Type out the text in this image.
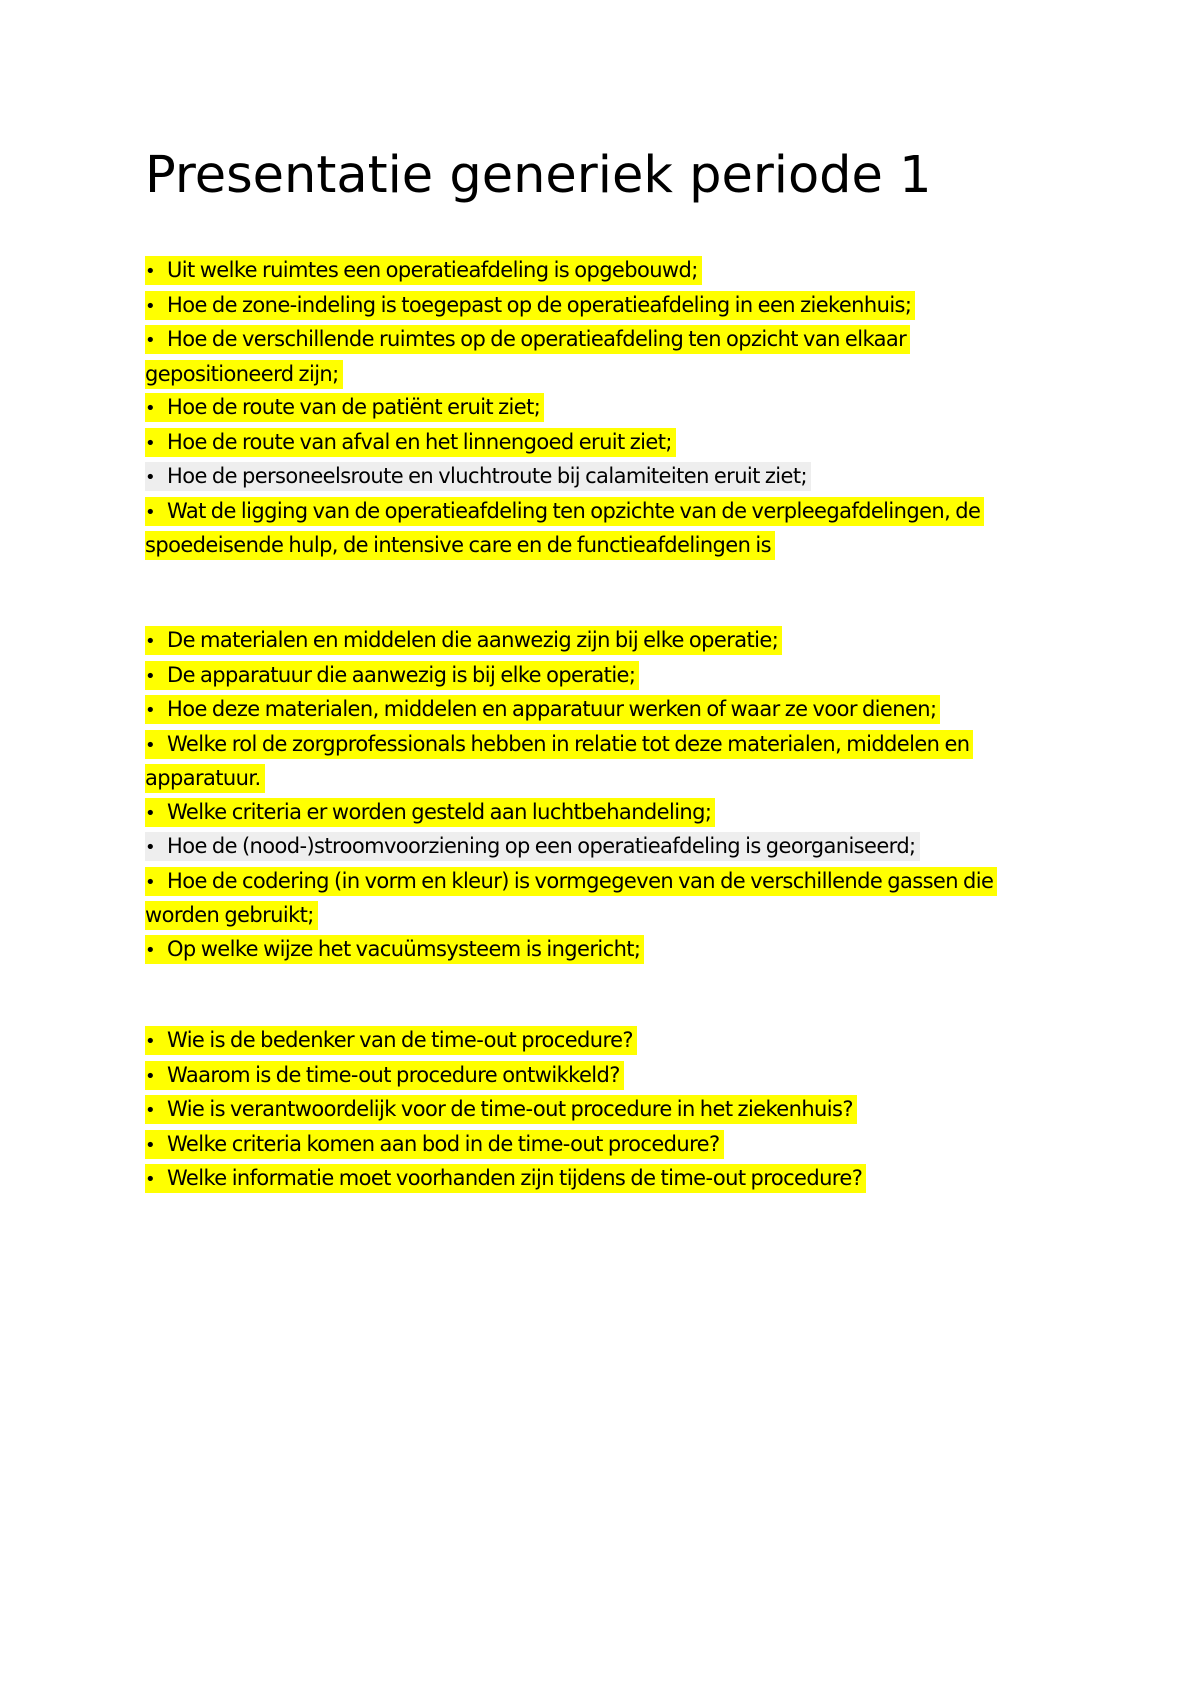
Presentatie generiek periode 1
• Uit welke ruimtes een operatieafdeling is opgebouwd;
• Hoe de zone-indeling is toegepast op de operatieafdeling in een ziekenhuis;
• Hoe de verschillende ruimtes op de operatieafdeling ten opzicht van elkaar gepositioneerd zijn;
• Hoe de route van de patiënt eruit ziet;
• Hoe de route van afval en het linnengoed eruit ziet;
• Hoe de personeelsroute en vluchtroute bij calamiteiten eruit ziet;
• Wat de ligging van de operatieafdeling ten opzichte van de verpleegafdelingen, de spoedeisende hulp, de intensive care en de functieafdelingen is
• De materialen en middelen die aanwezig zijn bij elke operatie;
• De apparatuur die aanwezig is bij elke operatie;
• Hoe deze materialen, middelen en apparatuur werken of waar ze voor dienen;
• Welke rol de zorgprofessionals hebben in relatie tot deze materialen, middelen en apparatuur.
• Welke criteria er worden gesteld aan luchtbehandeling;
• Hoe de (nood-)stroomvoorziening op een operatieafdeling is georganiseerd;
• Hoe de codering (in vorm en kleur) is vormgegeven van de verschillende gassen die worden gebruikt;
• Op welke wijze het vacuümsysteem is ingericht;
• Wie is de bedenker van de time-out procedure?
• Waarom is de time-out procedure ontwikkeld?
• Wie is verantwoordelijk voor de time-out procedure in het ziekenhuis?
• Welke criteria komen aan bod in de time-out procedure?
• Welke informatie moet voorhanden zijn tijdens de time-out procedure?
